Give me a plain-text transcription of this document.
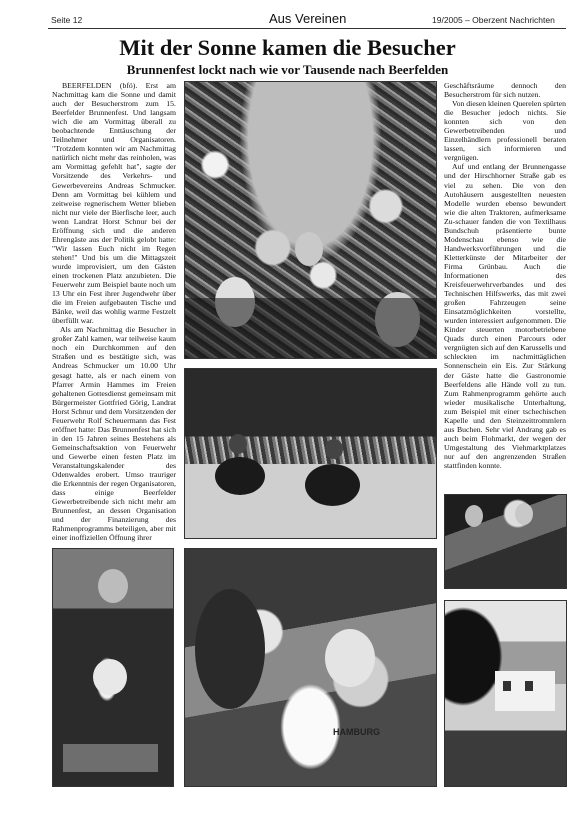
Seite 12	Aus Vereinen	19/2005 – Oberzent Nachrichten
Mit der Sonne kamen die Besucher
Brunnenfest lockt nach wie vor Tausende nach Beerfelden

BEERFELDEN (bfö). Erst am Nachmittag kam die Sonne und damit auch der Besucherstrom zum 15. Beerfelder Brunnenfest. Und langsam wich die am Vormittag überall zu beobachtende Enttäuschung der Teilnehmer und Organisatoren. "Trotzdem konnten wir am Nachmittag natürlich nicht mehr das reinholen, was am Vormittag gefehlt hat", sagte der Vorsitzende des Verkehrs- und Gewerbevereins Andreas Schmucker. Denn am Vormittag bei kühlem und zeitweise regnerischem Wetter blieben nicht nur viele der Bierfische leer, auch wenn Landrat Horst Schnur bei der Eröffnung sich und die anderen Ehrengäste aus der Politik gelobt hatte: "Wir lassen Euch nicht im Regen stehen!" Und bis um die Mittagszeit wurde improvisiert, um den Gästen einen trockenen Platz anzubieten. Die Feuerwehr zum Beispiel baute noch um 13 Uhr ein Fest ihrer Jugendwehr über die im Freien aufgebauten Tische und Bänke, weil das wohlig warme Festzelt überfüllt war.

Als am Nachmittag die Besucher in großer Zahl kamen, war teilweise kaum noch ein Durchkommen auf den Straßen und es bestätigte sich, was Andreas Schmucker um 10.00 Uhr gesagt hatte, als er nach einem von Pfarrer Armin Hammes im Freien gehaltenen Gottesdienst gemeinsam mit Bürgermeister Gottfried Görig, Landrat Horst Schnur und dem Vorsitzenden der Feuerwehr Rolf Scheuermann das Fest eröffnet hatte: Das Brunnenfest hat sich in den 15 Jahren seines Bestehens als Gemeinschaftsaktion von Feuerwehr und Gewerbe einen festen Platz im Veranstaltungskalender des Odenwaldes erobert. Umso trauriger die Erkenntnis der regen Organisatoren, dass einige Beerfelder Gewerbetreibende sich nicht mehr am Brunnenfest, an dessen Organisation und der Finanzierung des Rahmenprogramms beteiligen, aber mit einer inoffiziellen Öffnung ihrer

Geschäftsräume dennoch den Besucherstrom für sich nutzen.

Von diesen kleinen Querelen spürten die Besucher jedoch nichts. Sie konnten sich von den Gewerbetreibenden und Einzelhändlern professionell beraten lassen, sich informieren und vergnügen.

Auf und entlang der Brunnengasse und der Hirschhorner Straße gab es viel zu sehen. Die von den Autohäusern ausgestellten neuesten Modelle wurden ebenso bewundert wie die alten Traktoren, aufmerksame Zu-schauer fanden die von Textilhaus Bundschuh präsentierte bunte Modenschau ebenso wie die Handwerksvorführungen und die Kletterkünste der Mitarbeiter der Firma Grünbau. Auch die Informationen des Kreisfeuerwehrverbandes und des Technischen Hilfswerks, das mit zwei großen Fahrzeugen seine Einsatzmöglichkeiten vorstellte, wurden interessiert aufgenommen. Die Kinder steuerten motorbetriebene Quads durch einen Parcours oder vergnügten sich auf den Karussells und schleckten im nachmittäglichen Sonnenschein ein Eis. Zur Stärkung der Gäste hatte die Gastronomie Beerfeldens alle Hände voll zu tun. Zum Rahmenprogramm gehörte auch wieder musikalische Unterhaltung, zum Beispiel mit einer tschechischen Kapelle und den Steinzeittrommlern aus Buchen. Sehr viel Andrang gab es auch beim Flohmarkt, der wegen der Umgestaltung des Viehmarktplatzes nur auf den angrenzenden Straßen stattfinden konnte.

HAMBURG
